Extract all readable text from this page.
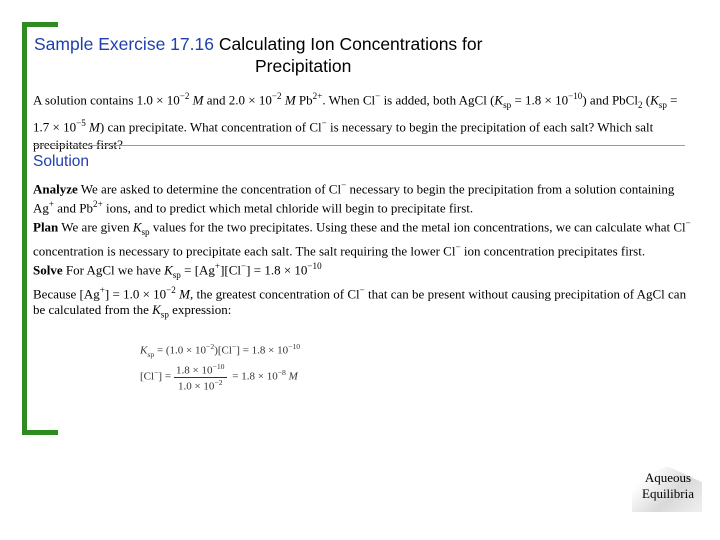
Sample Exercise 17.16 Calculating Ion Concentrations for
Precipitation
A solution contains $1.0 \times 10^{-2}$ M and $2.0 \times 10^{-2}$ M $Pb^{2+}$. When Cl− is added, both AgCl $(K_{sp} = 1.8 \times 10^{-10})$ and PbCl$_2$ ($K_{sp} = 1.7 \times 10^{-5}$ M) can precipitate. What concentration of Cl− is necessary to begin the precipitation of each salt? Which salt precipitates first?
Solution

Analyze We are asked to determine the concentration of Cl− necessary to begin the precipitation from a solution containing Ag+ and $Pb^{2+}$ ions, and to predict which metal chloride will begin to precipitate first.

Plan We are given $K_{sp}$ values for the two precipitates. Using these and the metal ion concentrations, we can calculate what Cl− concentration is necessary to precipitate each salt. The salt requiring the lower Cl− ion concentration precipitates first.

Solve For AgCl we have $K_{sp} = [Ag^+][Cl^-] = 1.8 \times 10^{-10}$

Because $[Ag^+] = 1.0 \times 10^{-2}$ M, the greatest concentration of Cl− that can be present without causing precipitation of AgCl can be calculated from the $K_{sp}$ expression:

$K_{sp} = (1.0 \times 10^{-2})[Cl^-] = 1.8 \times 10^{-10}$
$[Cl^-] = \frac{1.8 \times 10^{-10}}{1.0 \times 10^{-2}} = 1.8 \times 10^{-8}$ M
Aqueous
Equilibria
